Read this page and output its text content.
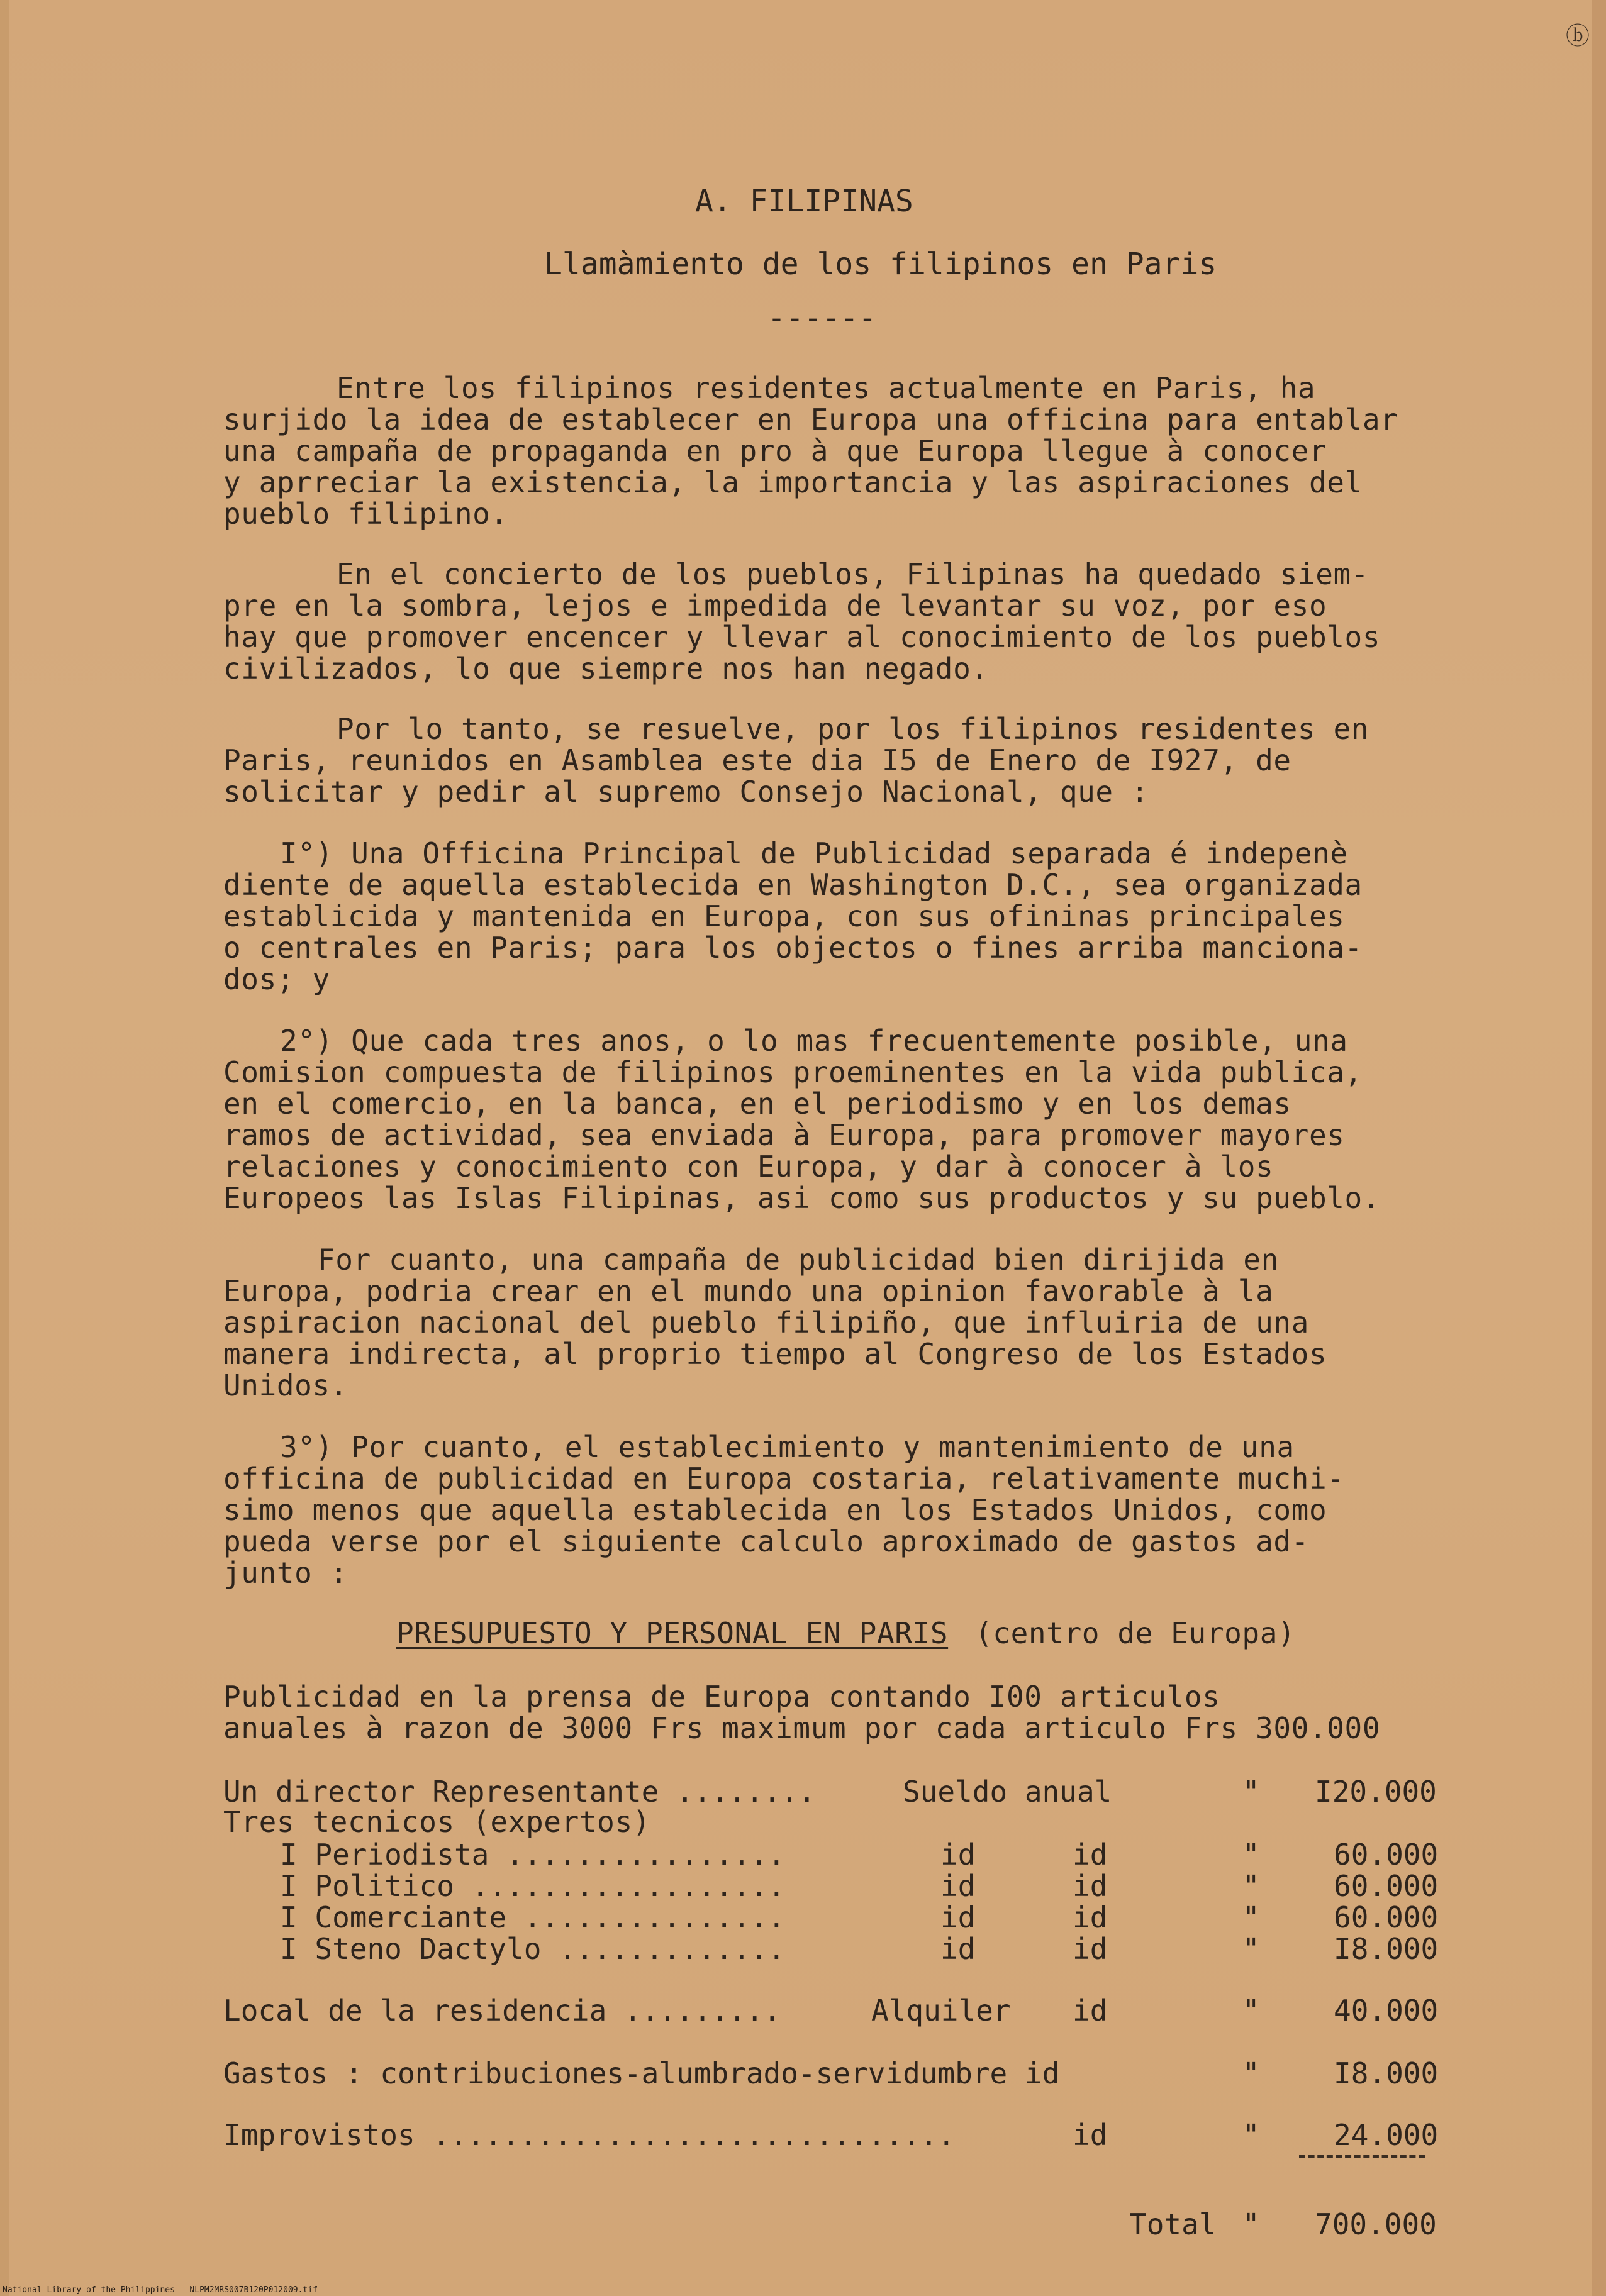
ⓑ
A. FILIPINAS
Llamàmiento de los filipinos en Paris
------
Entre los filipinos residentes actualmente en Paris, ha
surjido la idea de establecer en Europa una officina para entablar
una campaña de propaganda en pro à que Europa llegue à conocer
y aprreciar la existencia, la importancia y las aspiraciones del
pueblo filipino.
En el concierto de los pueblos, Filipinas ha quedado siem-
pre en la sombra, lejos e impedida de levantar su voz, por eso
hay que promover encencer y llevar al conocimiento de los pueblos
civilizados, lo que siempre nos han negado.
Por lo tanto, se resuelve, por los filipinos residentes en
Paris, reunidos en Asamblea este dia I5 de Enero de I927, de
solicitar y pedir al supremo Consejo Nacional, que :
I°) Una Officina Principal de Publicidad separada é indepenè
diente de aquella establecida en Washington D.C., sea organizada
establicida y mantenida en Europa, con sus ofininas principales
o centrales en Paris; para los objectos o fines arriba manciona-
dos; y
2°) Que cada tres anos, o lo mas frecuentemente posible, una
Comision compuesta de filipinos proeminentes en la vida publica,
en el comercio, en la banca, en el periodismo y en los demas
ramos de actividad, sea enviada à Europa, para promover mayores
relaciones y conocimiento con Europa, y dar à conocer à los
Europeos las Islas Filipinas, asi como sus productos y su pueblo.
For cuanto, una campaña de publicidad bien dirijida en
Europa, podria crear en el mundo una opinion favorable à la
aspiracion nacional del pueblo filipiño, que influiria de una
manera indirecta, al proprio tiempo al Congreso de los Estados
Unidos.
3°) Por cuanto, el establecimiento y mantenimiento de una
officina de publicidad en Europa costaria, relativamente muchi-
simo menos que aquella establecida en los Estados Unidos, como
pueda verse por el siguiente calculo aproximado de gastos ad-
junto :
PRESUPUESTO Y PERSONAL EN PARIS (centro de Europa)
Publicidad en la prensa de Europa contando I00 articulos
anuales à razon de 3000 Frs maximum por cada articulo Frs 300.000
Un director Representante ........	Sueldo anual	" I20.000
Tres tecnicos (expertos)
I Periodista ................	id	id	"	60.000
I Politico ..................	id	id	"	60.000
I Comerciante ...............	id	id	"	60.000
I Steno Dactylo .............	id	id	"	I8.000
Local de la residencia .........	Alquiler id	"	40.000
Gastos : contribuciones-alumbrado-servidumbre id	"	I8.000
Improvistos ..............................	id	"	24.000
Total " 700.000
National Library of the Philippines   NLPM2MRS007B120P012009.tif
